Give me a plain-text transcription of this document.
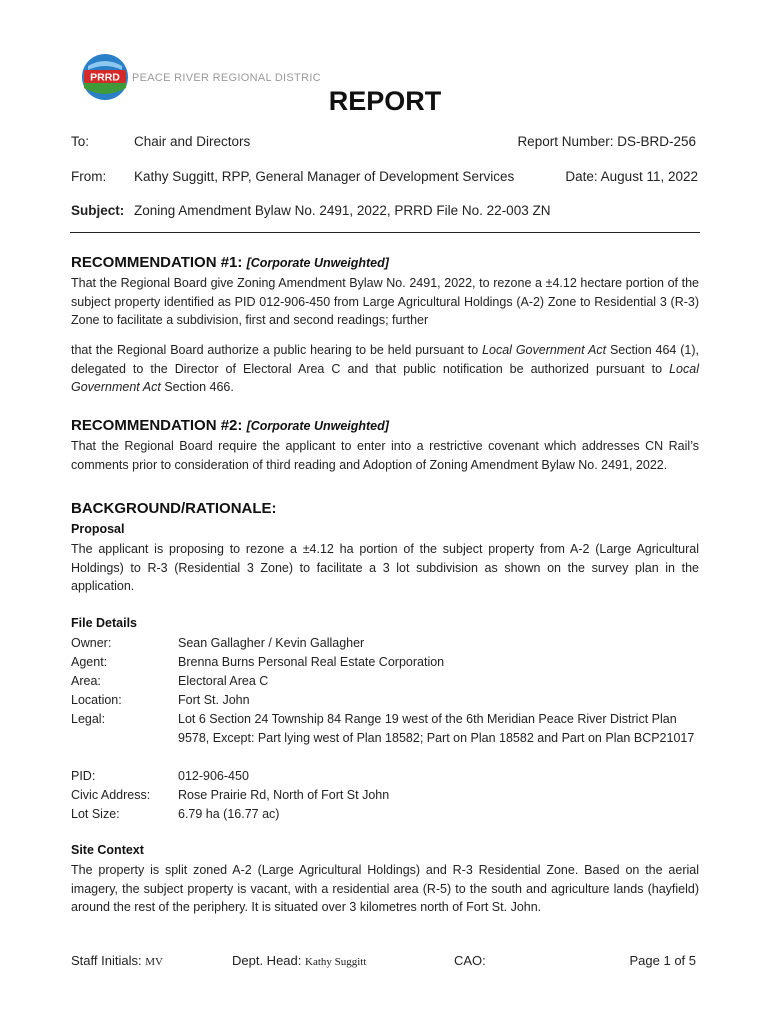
PRRD PEACE RIVER REGIONAL DISTRIC
REPORT
To:	Chair and Directors	Report Number: DS-BRD-256
From: Kathy Suggitt, RPP, General Manager of Development Services	Date: August 11, 2022
Subject: Zoning Amendment Bylaw No. 2491, 2022, PRRD File No. 22-003 ZN
RECOMMENDATION #1: [Corporate Unweighted]
That the Regional Board give Zoning Amendment Bylaw No. 2491, 2022, to rezone a ±4.12 hectare portion of the subject property identified as PID 012-906-450 from Large Agricultural Holdings (A-2) Zone to Residential 3 (R-3) Zone to facilitate a subdivision, first and second readings; further
that the Regional Board authorize a public hearing to be held pursuant to Local Government Act Section 464 (1), delegated to the Director of Electoral Area C and that public notification be authorized pursuant to Local Government Act Section 466.
RECOMMENDATION #2: [Corporate Unweighted]
That the Regional Board require the applicant to enter into a restrictive covenant which addresses CN Rail’s comments prior to consideration of third reading and Adoption of Zoning Amendment Bylaw No. 2491, 2022.
BACKGROUND/RATIONALE:
Proposal
The applicant is proposing to rezone a ±4.12 ha portion of the subject property from A-2 (Large Agricultural Holdings) to R-3 (Residential 3 Zone) to facilitate a 3 lot subdivision as shown on the survey plan in the application.
File Details
Owner:	Sean Gallagher / Kevin Gallagher
Agent:	Brenna Burns Personal Real Estate Corporation
Area:	Electoral Area C
Location:	Fort St. John
Legal:	Lot 6 Section 24 Township 84 Range 19 west of the 6th Meridian Peace River District Plan 9578, Except: Part lying west of Plan 18582; Part on Plan 18582 and Part on Plan BCP21017
PID:	012-906-450
Civic Address:	Rose Prairie Rd, North of Fort St John
Lot Size:	6.79 ha (16.77 ac)
Site Context
The property is split zoned A-2 (Large Agricultural Holdings) and R-3 Residential Zone. Based on the aerial imagery, the subject property is vacant, with a residential area (R-5) to the south and agriculture lands (hayfield) around the rest of the periphery. It is situated over 3 kilometres north of Fort St. John.
Staff Initials: MV	Dept. Head: Kathy Suggitt	CAO:	Page 1 of 5
